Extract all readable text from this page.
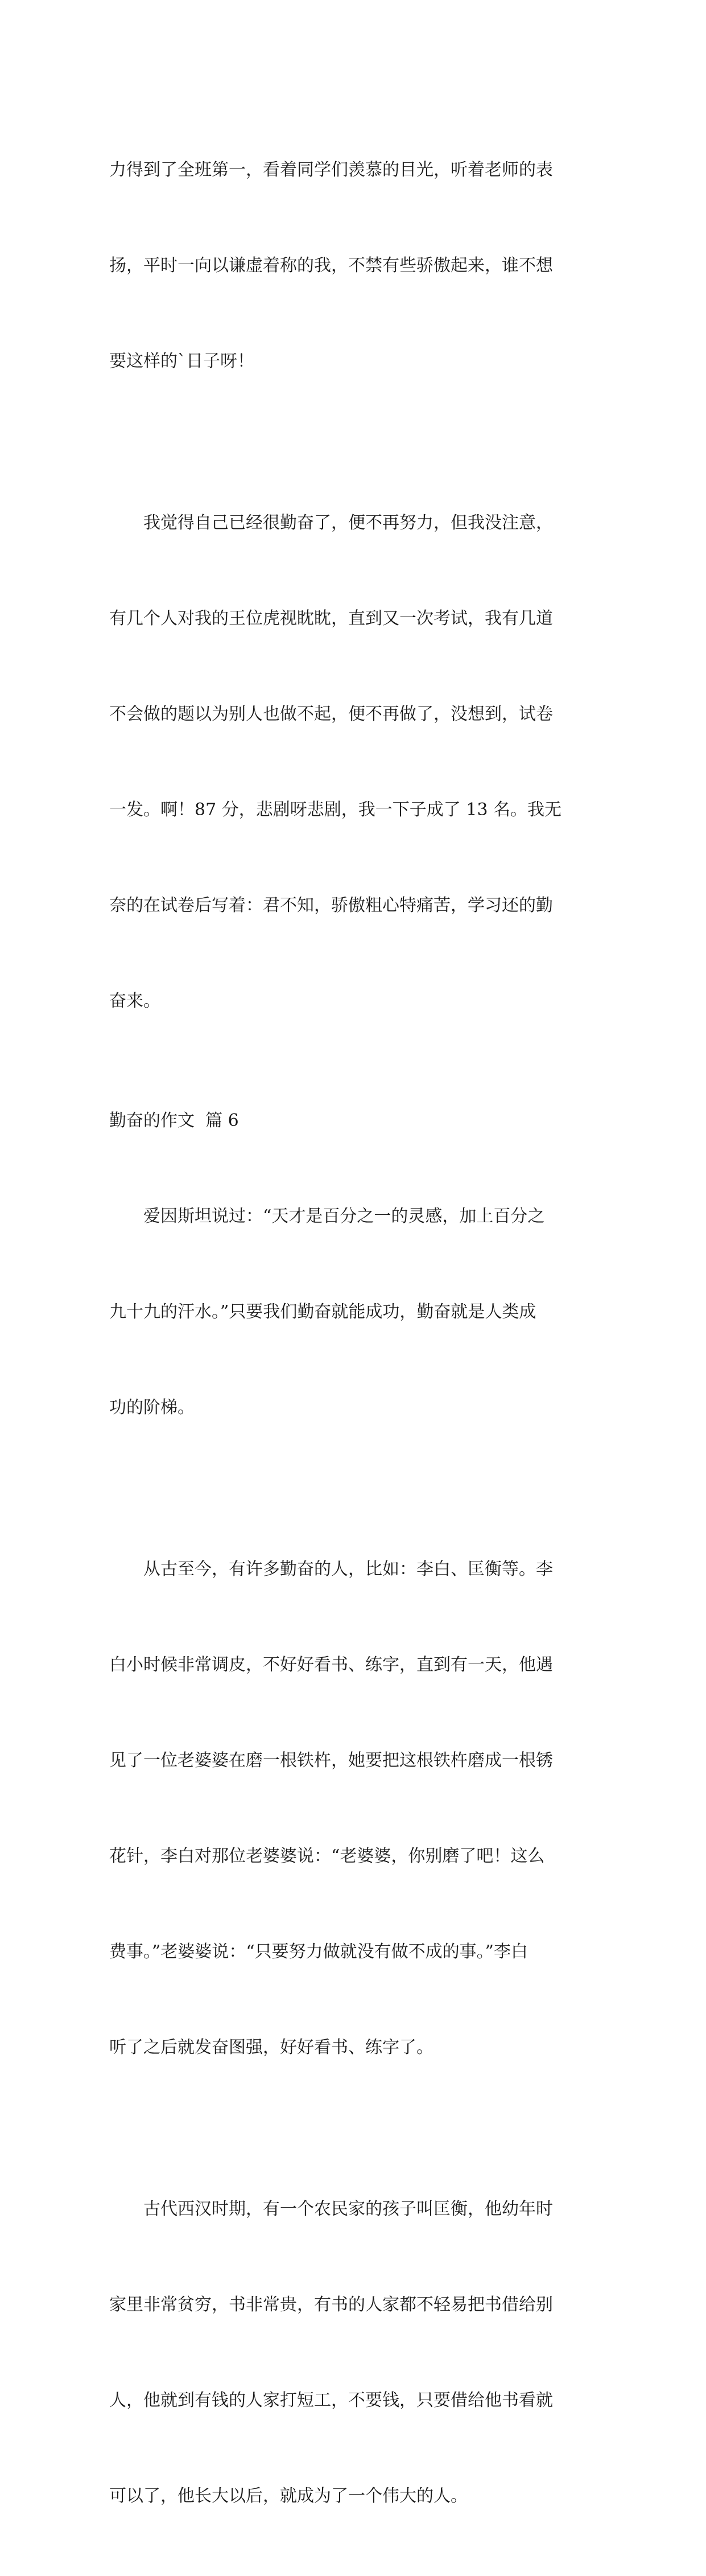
力得到了全班第一，看着同学们羡慕的目光，听着老师的表

扬，平时一向以谦虚着称的我，不禁有些骄傲起来，谁不想

要这样的`日子呀！

　　我觉得自己已经很勤奋了，便不再努力，但我没注意，

有几个人对我的王位虎视眈眈，直到又一次考试，我有几道

不会做的题以为别人也做不起，便不再做了，没想到，试卷

一发。啊！87 分，悲剧呀悲剧，我一下子成了 13 名。我无

奈的在试卷后写着：君不知，骄傲粗心特痛苦，学习还的勤

奋来。

勤奋的作文  篇 6

　　爱因斯坦说过：“天才是百分之一的灵感，加上百分之

九十九的汗水。”只要我们勤奋就能成功，勤奋就是人类成

功的阶梯。

　　从古至今，有许多勤奋的人，比如：李白、匡衡等。李

白小时候非常调皮，不好好看书、练字，直到有一天，他遇

见了一位老婆婆在磨一根铁杵，她要把这根铁杵磨成一根锈

花针，李白对那位老婆婆说：“老婆婆，你别磨了吧！这么

费事。”老婆婆说：“只要努力做就没有做不成的事。”李白

听了之后就发奋图强，好好看书、练字了。

　　古代西汉时期，有一个农民家的孩子叫匡衡，他幼年时

家里非常贫穷，书非常贵，有书的人家都不轻易把书借给别

人，他就到有钱的人家打短工，不要钱，只要借给他书看就

可以了，他长大以后，就成为了一个伟大的人。
